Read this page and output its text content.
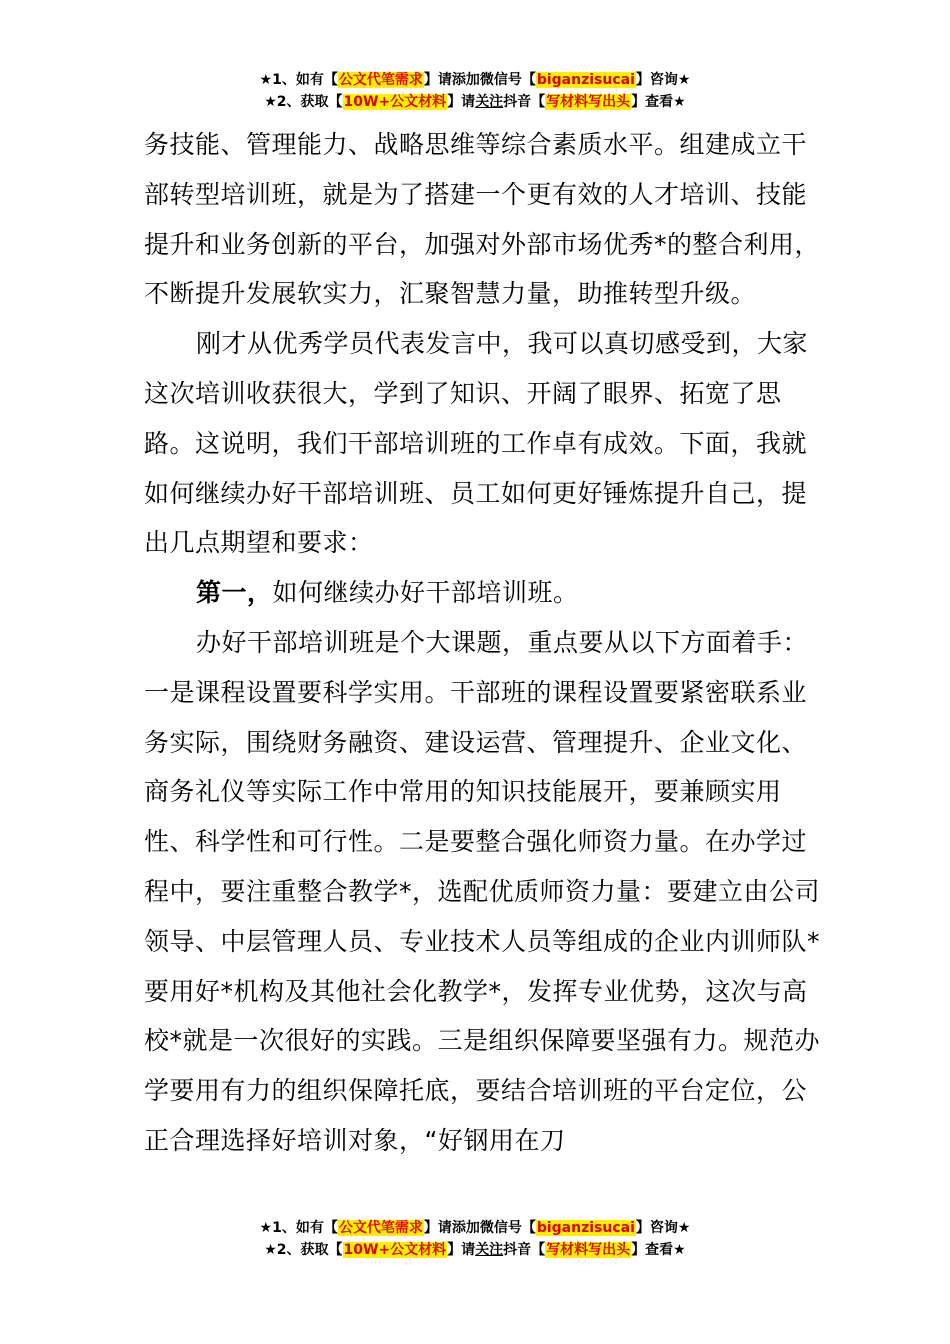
★1、如有【公文代笔需求】请添加微信号【biganzisucai】咨询★
★2、获取【10W+公文材料】请关注抖音【写材料写出头】查看★

务技能、管理能力、战略思维等综合素质水平。组建成立干部转型培训班，就是为了搭建一个更有效的人才培训、技能提升和业务创新的平台，加强对外部市场优秀*的整合利用，不断提升发展软实力，汇聚智慧力量，助推转型升级。

刚才从优秀学员代表发言中，我可以真切感受到，大家这次培训收获很大，学到了知识、开阔了眼界、拓宽了思路。这说明，我们干部培训班的工作卓有成效。下面，我就如何继续办好干部培训班、员工如何更好锤炼提升自己，提出几点期望和要求：

第一，如何继续办好干部培训班。

办好干部培训班是个大课题，重点要从以下方面着手：一是课程设置要科学实用。干部班的课程设置要紧密联系业务实际，围绕财务融资、建设运营、管理提升、企业文化、商务礼仪等实际工作中常用的知识技能展开，要兼顾实用性、科学性和可行性。二是要整合强化师资力量。在办学过程中，要注重整合教学*，选配优质师资力量：要建立由公司领导、中层管理人员、专业技术人员等组成的企业内训师队*要用好*机构及其他社会化教学*，发挥专业优势，这次与高校*就是一次很好的实践。三是组织保障要坚强有力。规范办学要用有力的组织保障托底，要结合培训班的平台定位，公正合理选择好培训对象，“好钢用在刀

★1、如有【公文代笔需求】请添加微信号【biganzisucai】咨询★
★2、获取【10W+公文材料】请关注抖音【写材料写出头】查看★
